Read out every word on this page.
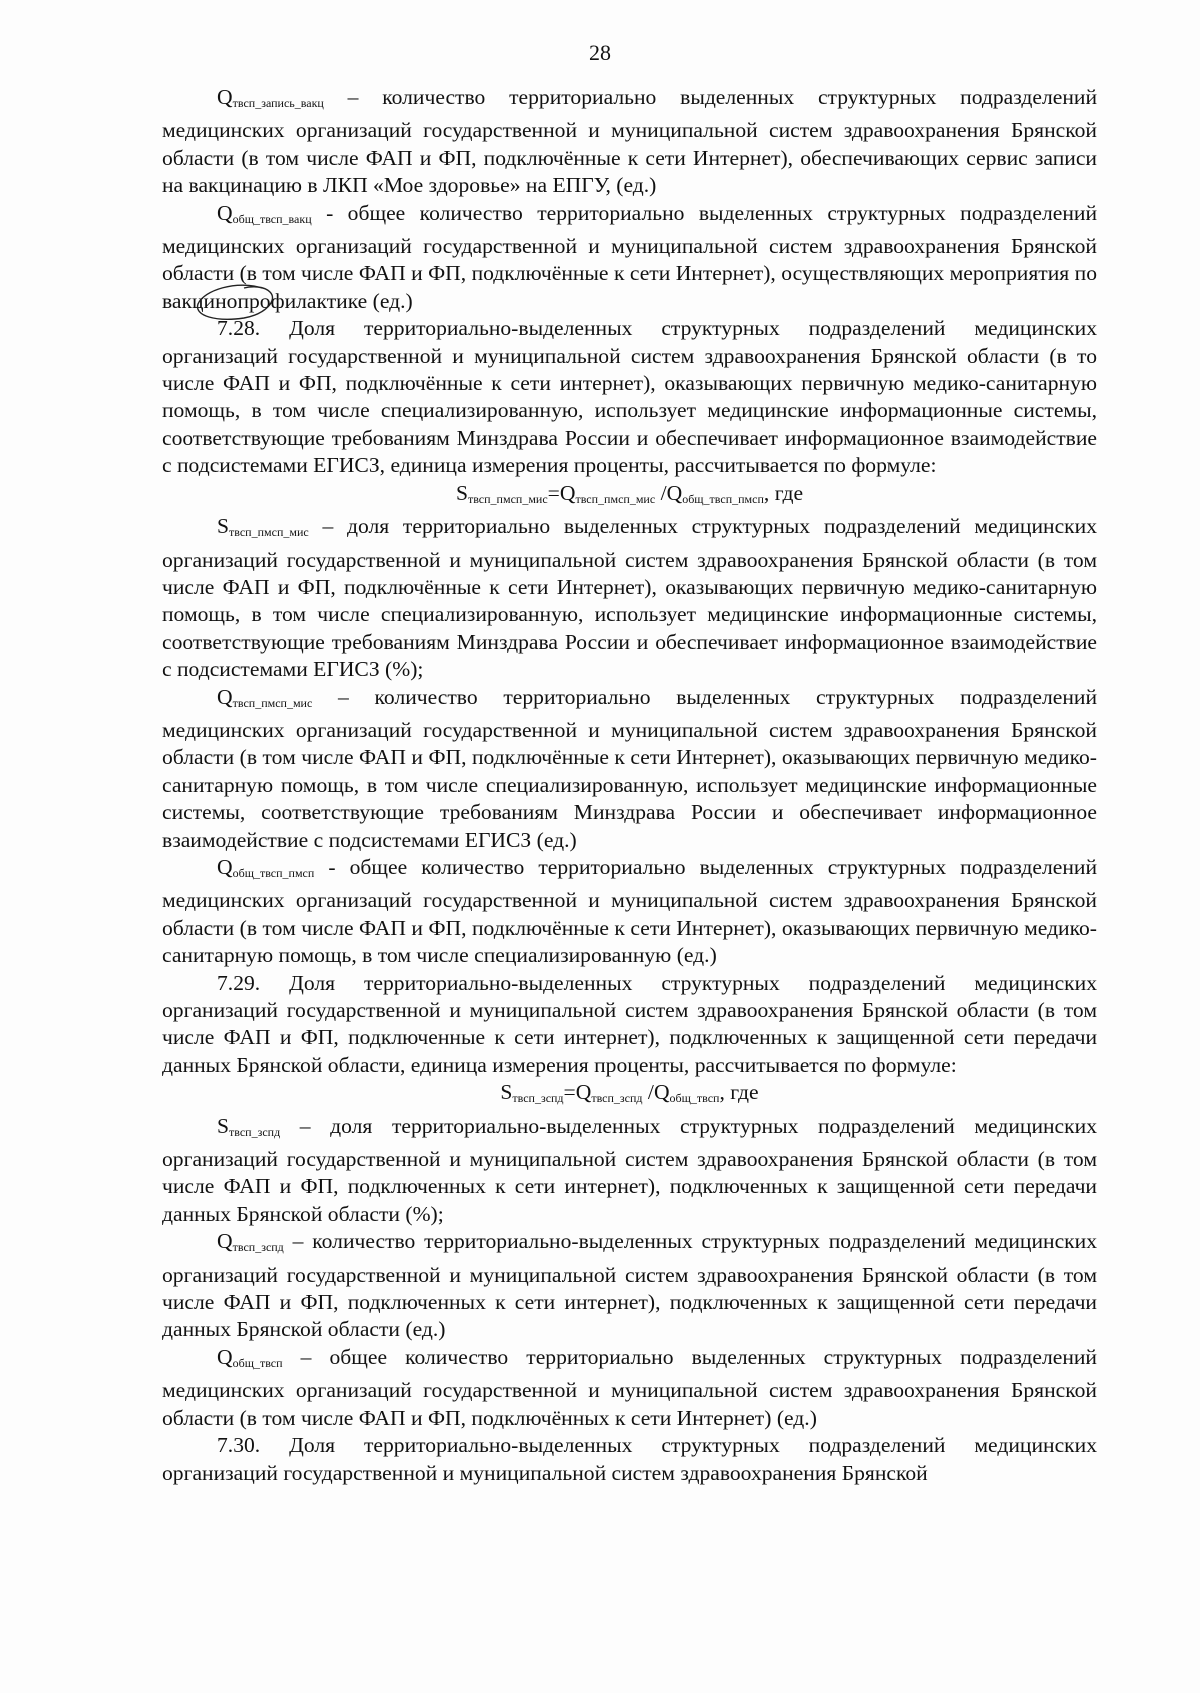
28

$Q_{твсп\_запись\_вакц}$ – количество территориально выделенных структурных подразделений медицинских организаций государственной и муниципальной систем здравоохранения Брянской области (в том числе ФАП и ФП, подключённые к сети Интернет), обеспечивающих сервис записи на вакцинацию в ЛКП «Мое здоровье» на ЕПГУ, (ед.)

$Q_{общ\_твсп\_вакц}$ - общее количество территориально выделенных структурных подразделений медицинских организаций государственной и муниципальной систем здравоохранения Брянской области (в том числе ФАП и ФП, подключённые к сети Интернет), осуществляющих мероприятия по вакцинопрофилактике (ед.)

7.28. Доля территориально-выделенных структурных подразделений медицинских организаций государственной и муниципальной систем здравоохранения Брянской области (в то числе ФАП и ФП, подключённые к сети интернет), оказывающих первичную медико-санитарную помощь, в том числе специализированную, использует медицинские информационные системы, соответствующие требованиям Минздрава России и обеспечивает информационное взаимодействие с подсистемами ЕГИСЗ, единица измерения проценты, рассчитывается по формуле:

$S_{твсп\_пмсп\_мис}=Q_{твсп\_пмсп\_мис}$ $/Q_{общ\_твсп\_пмсп}$, где

$S_{твсп\_пмсп\_мис}$ – доля территориально выделенных структурных подразделений медицинских организаций государственной и муниципальной систем здравоохранения Брянской области (в том числе ФАП и ФП, подключённые к сети Интернет), оказывающих первичную медико-санитарную помощь, в том числе специализированную, использует медицинские информационные системы, соответствующие требованиям Минздрава России и обеспечивает информационное взаимодействие с подсистемами ЕГИСЗ (%);

$Q_{твсп\_пмсп\_мис}$ – количество территориально выделенных структурных подразделений медицинских организаций государственной и муниципальной систем здравоохранения Брянской области (в том числе ФАП и ФП, подключённые к сети Интернет), оказывающих первичную медико-санитарную помощь, в том числе специализированную, использует медицинские информационные системы, соответствующие требованиям Минздрава России и обеспечивает информационное взаимодействие с подсистемами ЕГИСЗ (ед.)

$Q_{общ\_твсп\_пмсп}$ - общее количество территориально выделенных структурных подразделений медицинских организаций государственной и муниципальной систем здравоохранения Брянской области (в том числе ФАП и ФП, подключённые к сети Интернет), оказывающих первичную медико-санитарную помощь, в том числе специализированную (ед.)

7.29. Доля территориально-выделенных структурных подразделений медицинских организаций государственной и муниципальной систем здравоохранения Брянской области (в том числе ФАП и ФП, подключенные к сети интернет), подключенных к защищенной сети передачи данных Брянской области, единица измерения проценты, рассчитывается по формуле:

$S_{твсп\_зспд}=Q_{твсп\_зспд}$ $/Q_{общ\_твсп}$, где

$S_{твсп\_зспд}$ – доля территориально-выделенных структурных подразделений медицинских организаций государственной и муниципальной систем здравоохранения Брянской области (в том числе ФАП и ФП, подключенных к сети интернет), подключенных к защищенной сети передачи данных Брянской области (%);

$Q_{твсп\_зспд}$ – количество территориально-выделенных структурных подразделений медицинских организаций государственной и муниципальной систем здравоохранения Брянской области (в том числе ФАП и ФП, подключенных к сети интернет), подключенных к защищенной сети передачи данных Брянской области (ед.)

$Q_{общ\_твсп}$ – общее количество территориально выделенных структурных подразделений медицинских организаций государственной и муниципальной систем здравоохранения Брянской области (в том числе ФАП и ФП, подключённых к сети Интернет) (ед.)

7.30. Доля территориально-выделенных структурных подразделений медицинских организаций государственной и муниципальной систем здравоохранения Брянской
